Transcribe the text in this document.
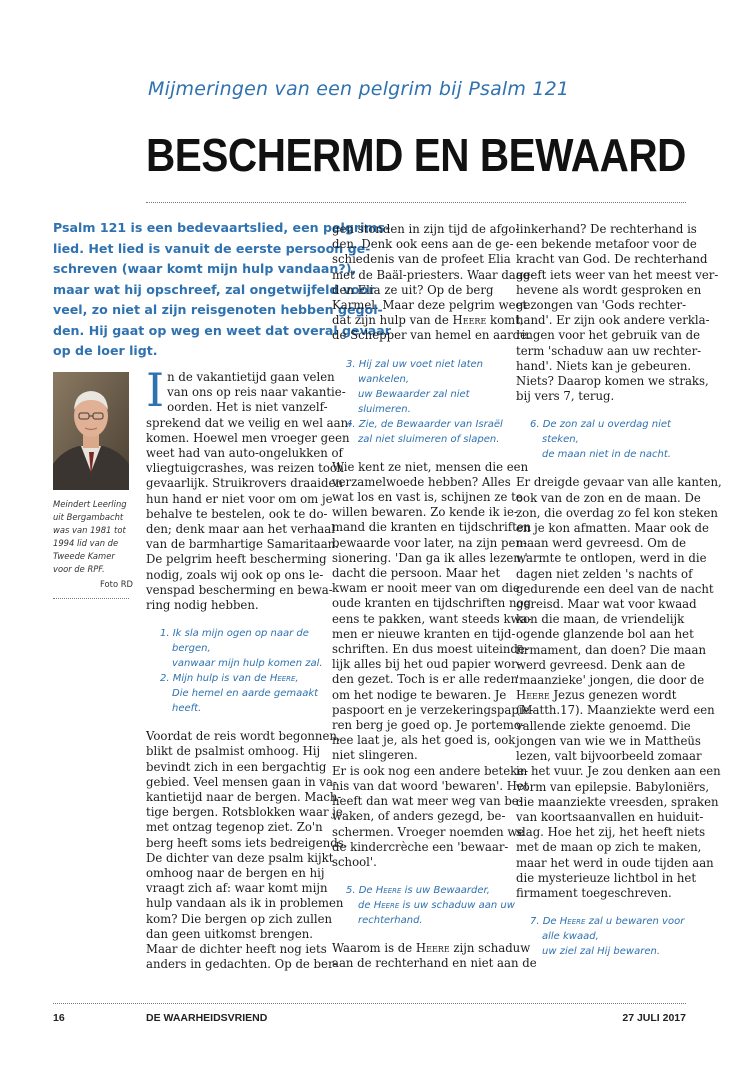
Mijmeringen van een pelgrim bij Psalm 121
BESCHERMD EN BEWAARD
Psalm 121 is een bedevaartslied, een pelgrims-
lied. Het lied is vanuit de eerste persoon ge-
schreven (waar komt mijn hulp vandaan?),
maar wat hij opschreef, zal ongetwijfeld voor
veel, zo niet al zijn reisgenoten hebben gegol-
den. Hij gaat op weg en weet dat overal gevaar
op de loer ligt.
Meindert Leerling
uit Bergambacht
was van 1981 tot
1994 lid van de
Tweede Kamer
voor de RPF.
Foto RD
I n de vakantietijd gaan velen
van ons op reis naar vakantie-
oorden. Het is niet vanzelf-
sprekend dat we veilig en wel aan-
komen. Hoewel men vroeger geen
weet had van auto-ongelukken of
vliegtuigcrashes, was reizen toch
gevaarlijk. Struikrovers draaiden
hun hand er niet voor om om je
behalve te bestelen, ook te do-
den; denk maar aan het verhaal
van de barmhartige Samaritaan.
De pelgrim heeft bescherming
nodig, zoals wij ook op ons le-
venspad bescherming en bewa-
ring nodig hebben.
1. Ik sla mijn ogen op naar de
bergen,
vanwaar mijn hulp komen zal.
2. Mijn hulp is van de Heere,
Die hemel en aarde gemaakt
heeft.
Voordat de reis wordt begonnen,
blikt de psalmist omhoog. Hij
bevindt zich in een bergachtig
gebied. Veel mensen gaan in va-
kantietijd naar de bergen. Mach-
tige bergen. Rotsblokken waar je
met ontzag tegenop ziet. Zo'n
berg heeft soms iets bedreigends.
De dichter van deze psalm kijkt
omhoog naar de bergen en hij
vraagt zich af: waar komt mijn
hulp vandaan als ik in problemen
kom? Die bergen op zich zullen
dan geen uitkomst brengen.
Maar de dichter heeft nog iets
anders in gedachten. Op de ber-
gen stonden in zijn tijd de afgo-
den. Denk ook eens aan de ge-
schiedenis van de profeet Elia
met de Baäl-priesters. Waar daag-
den Elia ze uit? Op de berg
Karmel. Maar deze pelgrim weet
dat zijn hulp van de Heere komt,
de Schepper van hemel en aarde.
3. Hij zal uw voet niet laten
wankelen,
uw Bewaarder zal niet
sluimeren.
4. Zie, de Bewaarder van Israël
zal niet sluimeren of slapen.
Wie kent ze niet, mensen die een
verzamelwoede hebben? Alles
wat los en vast is, schijnen ze te
willen bewaren. Zo kende ik ie-
mand die kranten en tijdschriften
bewaarde voor later, na zijn pen-
sionering. 'Dan ga ik alles lezen,'
dacht die persoon. Maar het
kwam er nooit meer van om die
oude kranten en tijdschriften nog
eens te pakken, want steeds kwa-
men er nieuwe kranten en tijd-
schriften. En dus moest uiteinde-
lijk alles bij het oud papier wor-
den gezet. Toch is er alle reden
om het nodige te bewaren. Je
paspoort en je verzekeringspapie-
ren berg je goed op. Je portemo-
nee laat je, als het goed is, ook
niet slingeren.
Er is ook nog een andere beteke-
nis van dat woord 'bewaren'. Het
heeft dan wat meer weg van be-
waken, of anders gezegd, be-
schermen. Vroeger noemden we
de kindercrèche een 'bewaar-
school'.
5. De Heere is uw Bewaarder,
de Heere is uw schaduw aan uw
rechterhand.
Waarom is de Heere zijn schaduw
aan de rechterhand en niet aan de
linkerhand? De rechterhand is
een bekende metafoor voor de
kracht van God. De rechterhand
geeft iets weer van het meest ver-
hevene als wordt gesproken en
gezongen van 'Gods rechter-
hand'. Er zijn ook andere verkla-
ringen voor het gebruik van de
term 'schaduw aan uw rechter-
hand'. Niets kan je gebeuren.
Niets? Daarop komen we straks,
bij vers 7, terug.
6. De zon zal u overdag niet
steken,
de maan niet in de nacht.
Er dreigde gevaar van alle kanten,
ook van de zon en de maan. De
zon, die overdag zo fel kon steken
en je kon afmatten. Maar ook de
maan werd gevreesd. Om de
warmte te ontlopen, werd in die
dagen niet zelden 's nachts of
gedurende een deel van de nacht
gereisd. Maar wat voor kwaad
kon die maan, de vriendelijk
ogende glanzende bol aan het
firmament, dan doen? Die maan
werd gevreesd. Denk aan de
'maanzieke' jongen, die door de
Heere Jezus genezen wordt
(Matth.17). Maanziekte werd een
vallende ziekte genoemd. Die
jongen van wie we in Mattheüs
lezen, valt bijvoorbeeld zomaar
in het vuur. Je zou denken aan een
vorm van epilepsie. Babyloniërs,
die maanziekte vreesden, spraken
van koortsaanvallen en huiduit-
slag. Hoe het zij, het heeft niets
met de maan op zich te maken,
maar het werd in oude tijden aan
die mysterieuze lichtbol in het
firmament toegeschreven.
7. De Heere zal u bewaren voor
alle kwaad,
uw ziel zal Hij bewaren.
16	DE WAARHEIDSVRIEND	27 JULI 2017
